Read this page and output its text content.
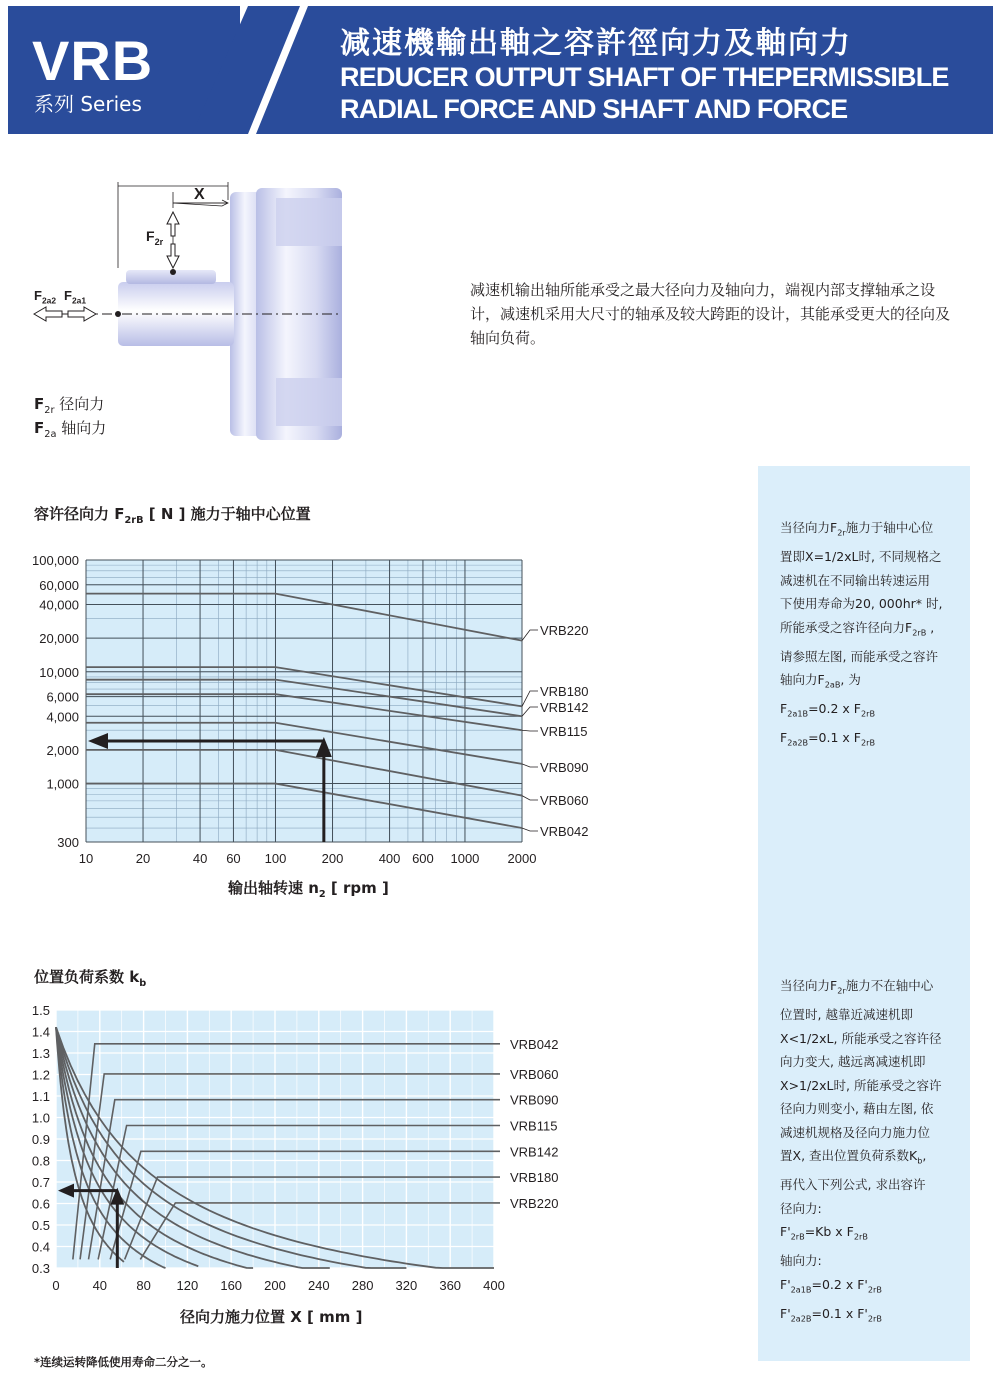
VRB
系列 Series
减速機輸出軸之容許徑向力及軸向力
REDUCER OUTPUT SHAFT OF THEPERMISSIBLE
RADIAL FORCE AND SHAFT AND FORCE
X
$F_{2r}$
$F_{2a2}$ $F_{2a1}$
$F_{2r}$ 径向力
$F_{2a}$ 轴向力
减速机输出轴所能承受之最大径向力及轴向力，端视内部支撑轴承之设计，减速机采用大尺寸的轴承及较大跨距的设计，其能承受更大的径向及轴向负荷。
当径向力$F_{2r}$施力于轴中心位
置即X=1/2xL时, 不同规格之
减速机在不同输出转速运用
下使用寿命为20, 000hr* 时,
所能承受之容许径向力$F_{2rB}$ ,
请参照左图, 而能承受之容许
轴向力$F_{2aB}$, 为
$F_{2a1B}=0.2$ x $F_{2rB}$
$F_{2a2B}=0.1$ x $F_{2rB}$
当径向力$F_{2r}$施力不在轴中心
位置时, 越靠近减速机即
X<1/2xL, 所能承受之容许径
向力变大, 越远离减速机即
X>1/2xL时, 所能承受之容许
径向力则变小, 藉由左图, 依
减速机规格及径向力施力位
置X, 查出位置负荷系数$K_b$,
再代入下列公式, 求出容许
径向力:
$F'_{2rB}=Kb$ x $F_{2rB}$
轴向力:
$F'_{2a1B}=0.2$ x $F'_{2rB}$
$F'_{2a2B}=0.1$ x $F'_{2rB}$
容许径向力 $F_{2rB}$ [ N ] 施力于轴中心位置
10	20	40 60 100	200	400 600 1000 2000
300
1,000
2,000
4,000
6,000
10,000
20,000
40,000
60,000
100,000
VRB220
VRB180
VRB142
VRB115
VRB090
VRB060
VRB042
输出轴转速 $n_2$ [ rpm ]
位置负荷系数 $k_b$
0	40 80 120 160 200 240 280 320 360 400
0.3
0.4
0.5
0.6
0.7
0.8
0.9
1.0
1.1
1.2
1.3
1.4
1.5
VRB042
VRB060
VRB090
VRB115
VRB142
VRB180
VRB220
径向力施力位置 X [ mm ]
*连续运转降低使用寿命二分之一。
